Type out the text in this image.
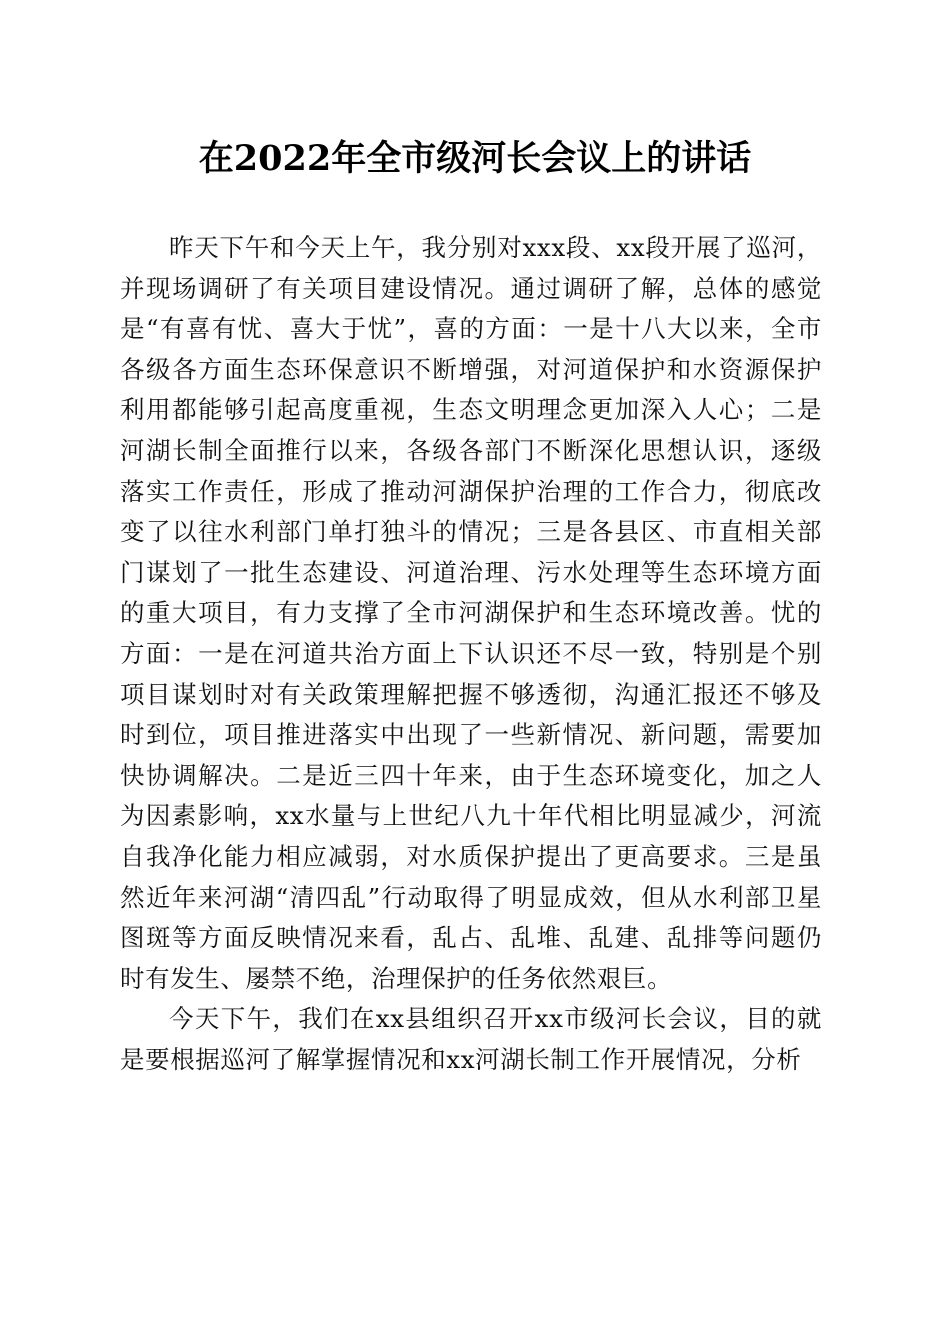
在2022年全市级河长会议上的讲话

昨天下午和今天上午，我分别对xxx段、xx段开展了巡河，并现场调研了有关项目建设情况。通过调研了解，总体的感觉是“有喜有忧、喜大于忧”，喜的方面：一是十八大以来，全市各级各方面生态环保意识不断增强，对河道保护和水资源保护利用都能够引起高度重视，生态文明理念更加深入人心；二是河湖长制全面推行以来，各级各部门不断深化思想认识，逐级落实工作责任，形成了推动河湖保护治理的工作合力，彻底改变了以往水利部门单打独斗的情况；三是各县区、市直相关部门谋划了一批生态建设、河道治理、污水处理等生态环境方面的重大项目，有力支撑了全市河湖保护和生态环境改善。忧的方面：一是在河道共治方面上下认识还不尽一致，特别是个别项目谋划时对有关政策理解把握不够透彻，沟通汇报还不够及时到位，项目推进落实中出现了一些新情况、新问题，需要加快协调解决。二是近三四十年来，由于生态环境变化，加之人为因素影响，xx水量与上世纪八九十年代相比明显减少，河流自我净化能力相应减弱，对水质保护提出了更高要求。三是虽然近年来河湖“清四乱”行动取得了明显成效，但从水利部卫星图斑等方面反映情况来看，乱占、乱堆、乱建、乱排等问题仍时有发生、屡禁不绝，治理保护的任务依然艰巨。

今天下午，我们在xx县组织召开xx市级河长会议，目的就是要根据巡河了解掌握情况和xx河湖长制工作开展情况，分析
